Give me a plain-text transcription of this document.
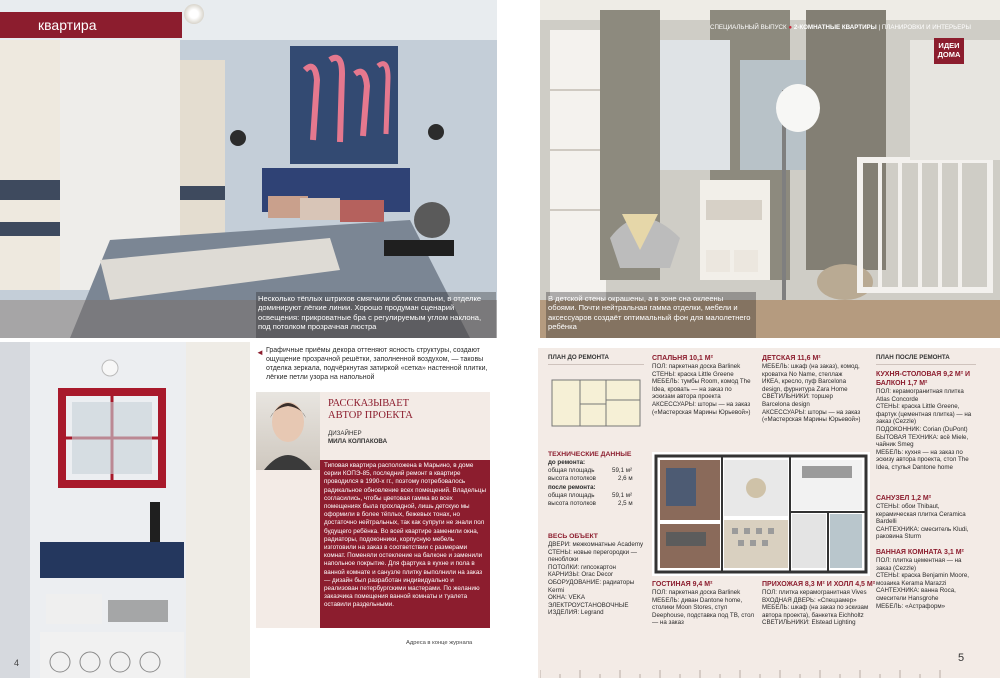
квартира
Несколько тёплых штрихов смягчили облик спальни, в отделке доминируют лёгкие линии. Хорошо продуман сценарий освещения: прикроватные бра с регулируемым углом наклона, под потолком прозрачная люстра
◄ Графичные приёмы декора оттеняют ясность структуры, создают ощущение прозрачной решётки, заполненной воздухом, — таковы отделка зеркала, подчёркнутая затиркой «сетка» настенной плитки, лёгкие петли узора на напольной
РАССКАЗЫВАЕТ
АВТОР ПРОЕКТА
ДИЗАЙНЕР
МИЛА КОЛПАКОВА
Типовая квартира расположена в Марьино, в доме серии КОПЭ-85, последний ремонт в квартире проводился в 1990-х гг., поэтому потребовалось радикальное обновление всех помещений. Владельцы согласились, чтобы цветовая гамма во всех помещениях была прохладной, лишь детскую мы оформили в более тёплых, бежевых тонах, но достаточно нейтральных, так как супруги не знали пол будущего ребёнка. Во всей квартире заменили окна, радиаторы, подоконники, корпусную мебель изготовили на заказ в соответствии с размерами комнат. Поменяли остекление на балконе и заменили напольное покрытие. Для фартука в кухне и пола в ванной комнате и санузле плитку выполнили на заказ — дизайн был разработан индивидуально и реализован петербургскими мастерами. По желанию заказчика помещения ванной комнаты и туалета оставили раздельными.
Адреса в конце журнала
4
СПЕЦИАЛЬНЫЙ ВЫПУСК ● 2-КОМНАТНЫЕ КВАРТИРЫ | ПЛАНИРОВКИ И ИНТЕРЬЕРЫ
ИДЕИ
ДОМА
В детской стены окрашены, а в зоне сна оклеены обоями. Почти нейтральная гамма отделки, мебели и аксессуаров создаёт оптимальный фон для малолетнего ребёнка
ПЛАН ДО РЕМОНТА
ТЕХНИЧЕСКИЕ ДАННЫЕ
до ремонта:
общая площадь	59,1 м²
высота потолков	2,6 м
после ремонта:
общая площадь	59,1 м²
высота потолков	2,5 м
ВЕСЬ ОБЪЕКТ
ДВЕРИ: межкомнатные Academy
СТЕНЫ: новые перегородки — пеноблоки
ПОТОЛКИ: гипсокартон
КАРНИЗЫ: Orac Decor
ОБОРУДОВАНИЕ: радиаторы Kermi
ОКНА: VEKA
ЭЛЕКТРОУСТАНОВОЧНЫЕ ИЗДЕЛИЯ: Legrand
СПАЛЬНЯ 10,1 М²
ПОЛ: паркетная доска Barlinek
СТЕНЫ: краска Little Greene
МЕБЕЛЬ: тумбы Room, комод The Idea, кровать — на заказ по эскизам автора проекта
АКСЕССУАРЫ: шторы — на заказ («Мастерская Марины Юрьевой»)
ДЕТСКАЯ 11,6 М²
МЕБЕЛЬ: шкаф (на заказ), комод, кроватка No Name, стеллаж ИКЕА, кресло, пуф Barcelona design, фурнитура Zara Home
СВЕТИЛЬНИКИ: торшер Barcelona design
АКСЕССУАРЫ: шторы — на заказ («Мастерская Марины Юрьевой»)
ПЛАН ПОСЛЕ РЕМОНТА
КУХНЯ-СТОЛОВАЯ 9,2 М² И БАЛКОН 1,7 М²
ПОЛ: керамогранитная плитка Atlas Concorde
СТЕНЫ: краска Little Greene, фартук (цементная плитка) — на заказ (Cezzle)
ПОДОКОННИК: Corian (DuPont)
БЫТОВАЯ ТЕХНИКА: всё Miele, чайник Smeg
МЕБЕЛЬ: кухня — на заказ по эскизу автора проекта, стол The Idea, стулья Dantone home
САНУЗЕЛ 1,2 М²
СТЕНЫ: обои Thibaut, керамическая плитка Ceramica Bardelli
САНТЕХНИКА: смеситель Kludi, раковина Sturm
ВАННАЯ КОМНАТА 3,1 М²
ПОЛ: плитка цементная — на заказ (Cezzle)
СТЕНЫ: краска Benjamin Moore, мозаика Kerama Marazzi
САНТЕХНИКА: ванна Roca, смесители Hansgrohe
МЕБЕЛЬ: «Астраформ»
ГОСТИНАЯ 9,4 М²
ПОЛ: паркетная доска Barlinek
МЕБЕЛЬ: диван Dantone home, столики Moon Stores, стул Deephouse, подставка под ТВ, стол — на заказ
ПРИХОЖАЯ 8,3 М² И ХОЛЛ 4,5 М²
ПОЛ: плитка керамогранитная Vives
ВХОДНАЯ ДВЕРЬ: «Спецзамер»
МЕБЕЛЬ: шкаф (на заказ по эскизам автора проекта), банкетка Eichholtz
СВЕТИЛЬНИКИ: Elstead Lighting
5
